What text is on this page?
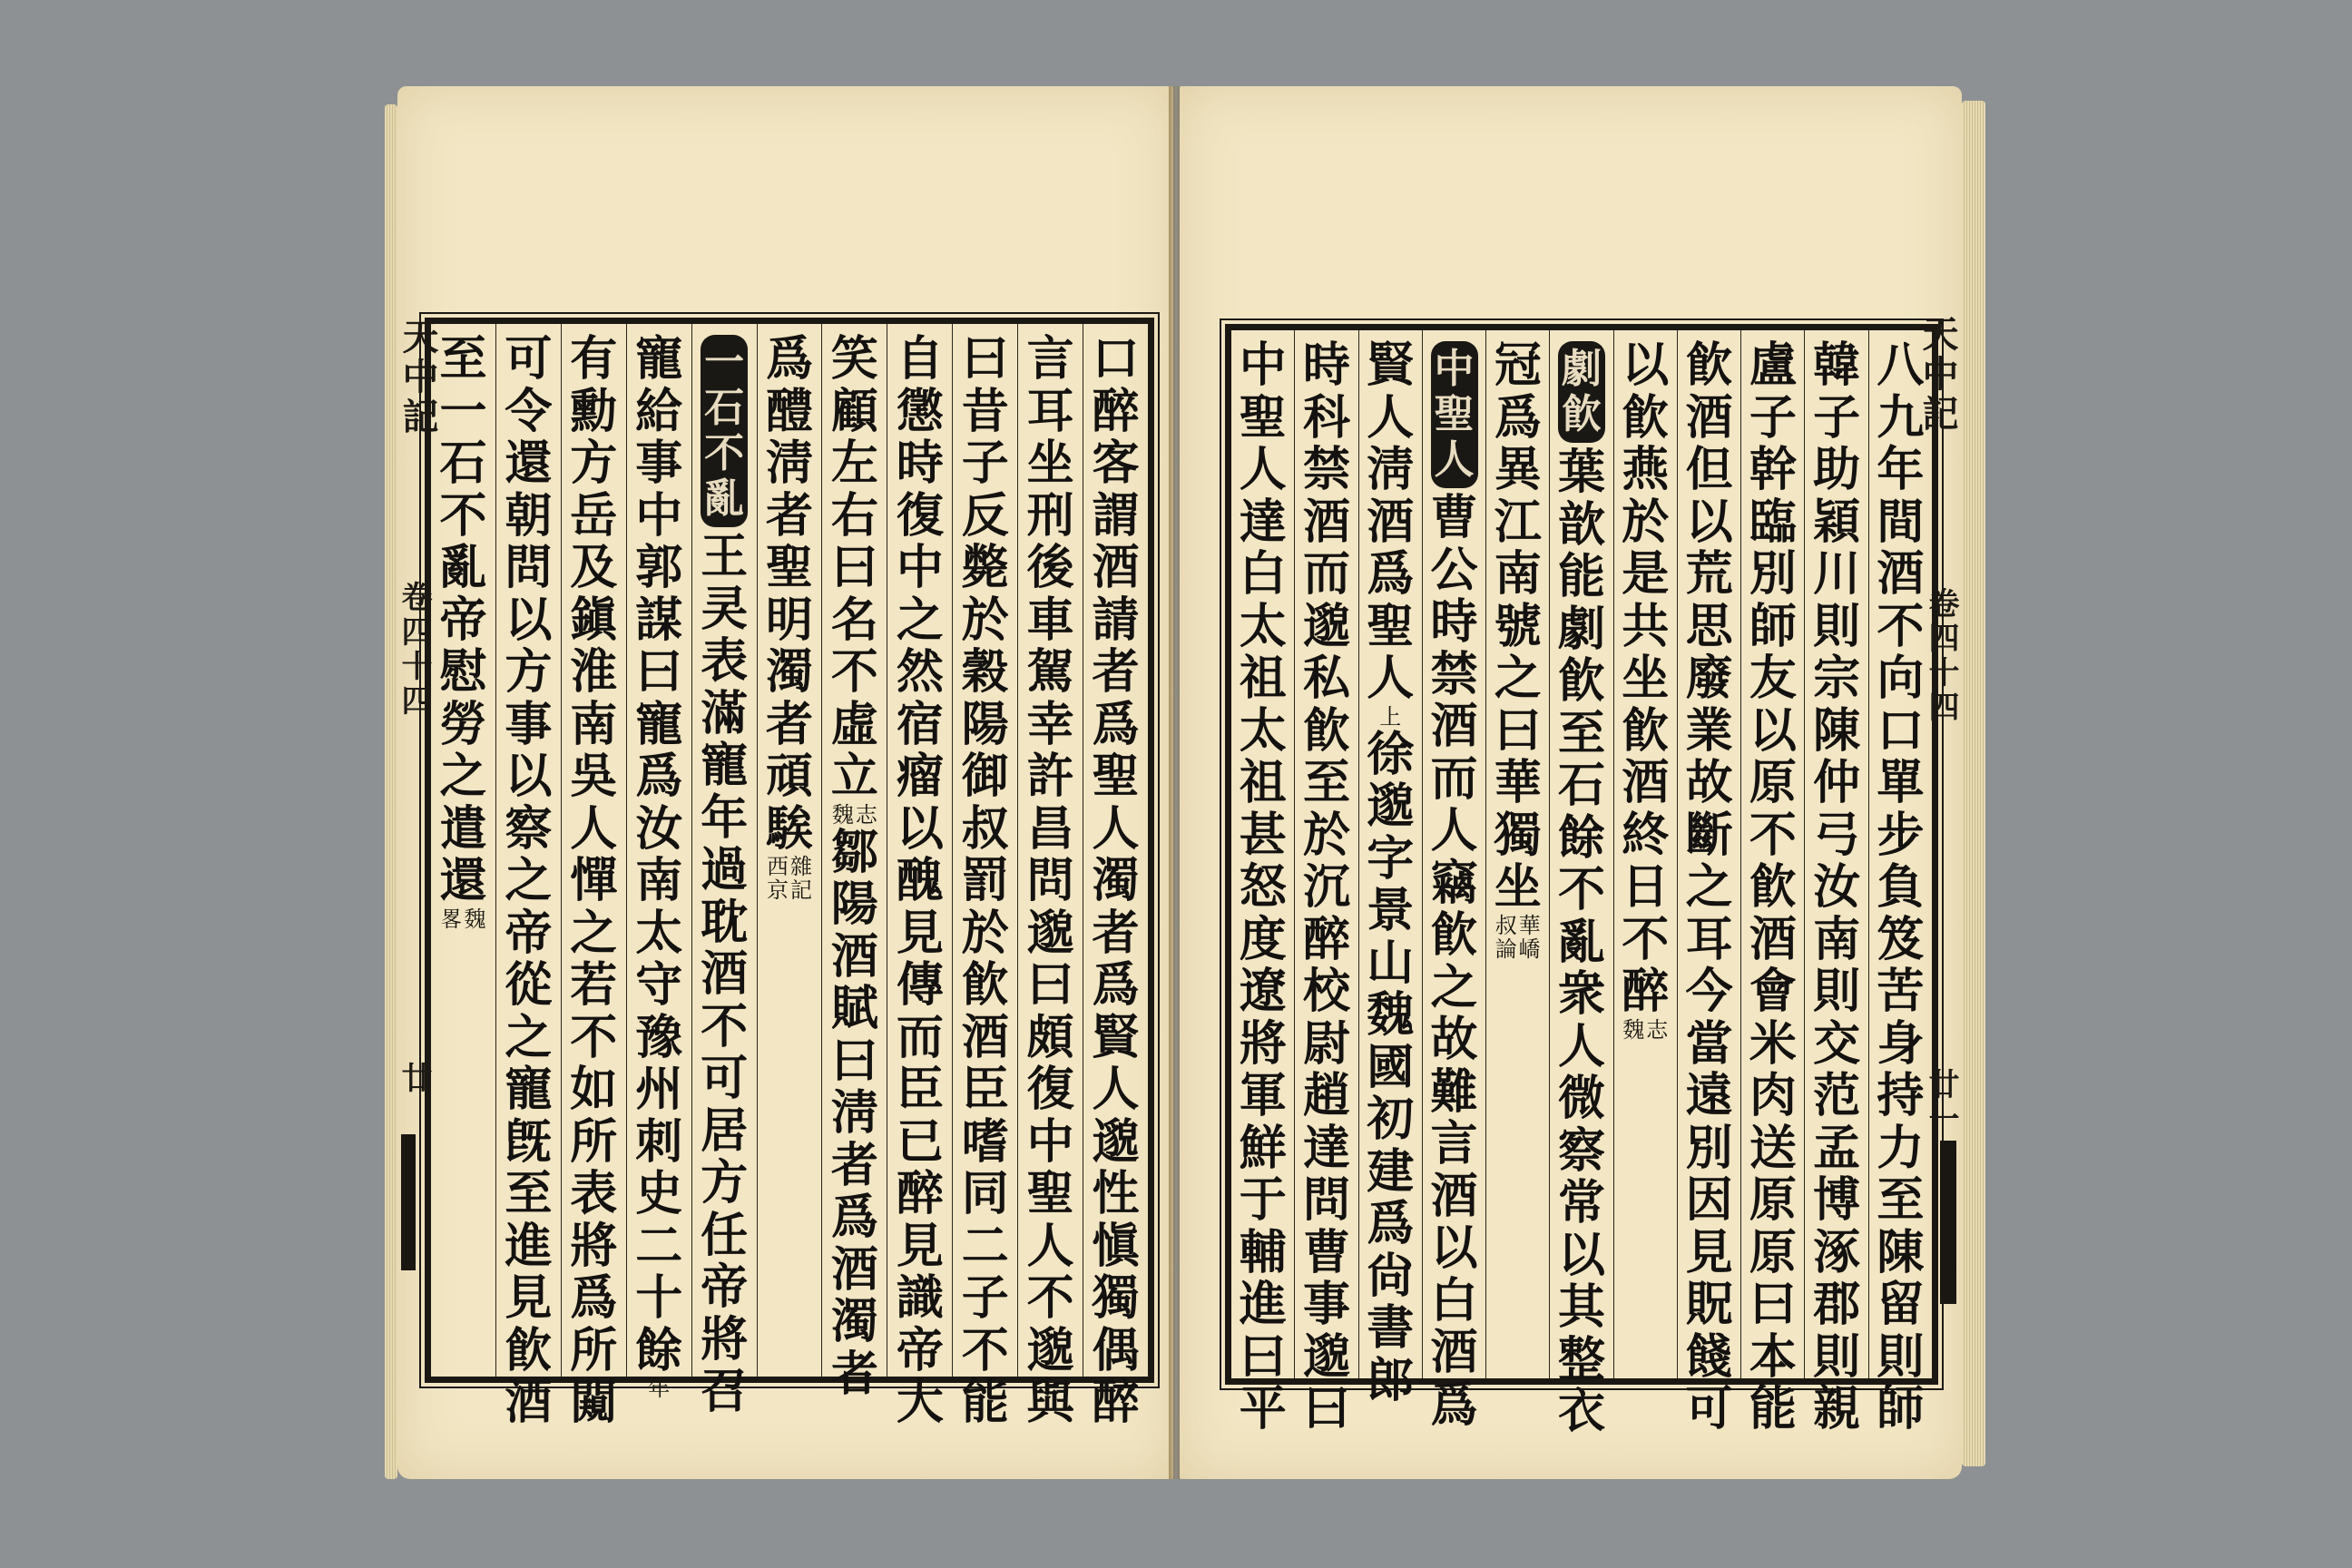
天中記
卷四十四
廿
口
醉
客
謂
酒
請
者
爲
聖
人
濁
者
爲
賢
人
邈
性
愼
獨
偶
醉
言
耳
坐
刑
後
車
駕
幸
許
昌
問
邈
曰
頗
復
中
聖
人
不
邈
與
曰
昔
子
反
斃
於
穀
陽
御
叔
罰
於
飮
酒
臣
嗜
同
二
子
不
能
自
懲
時
復
中
之
然
宿
瘤
以
醜
見
傳
而
臣
已
醉
見
識
帝
大
笑
顧
左
右
曰
名
不
虛
立
志
魏
鄒
陽
酒
賦
曰
淸
者
爲
酒
濁
者
爲
醴
淸
者
聖
明
濁
者
頑
騃
雜
記
西
京
一
石
不
亂
王
㚑
表
滿
寵
年
過
耽
酒
不
可
居
方
任
帝
將
召
寵
給
事
中
郭
謀
曰
寵
爲
汝
南
太
守
豫
州
刺
史
二
十
餘
年
有
勳
方
岳
及
鎭
淮
南
吳
人
憚
之
若
不
如
所
表
將
爲
所
闚
可
令
還
朝
問
以
方
事
以
察
之
帝
從
之
寵
旣
至
進
見
飮
酒
至
一
石
不
亂
帝
慰
勞
之
遣
還
魏
畧
天中記
卷四十四
廿一
八
九
年
間
酒
不
向
口
單
步
負
笈
苦
身
持
力
至
陳
留
則
師
韓
子
助
穎
川
則
宗
陳
仲
弓
汝
南
則
交
范
孟
博
涿
郡
則
親
盧
子
幹
臨
別
師
友
以
原
不
飮
酒
會
米
肉
送
原
原
曰
本
能
飮
酒
但
以
荒
思
廢
業
故
斷
之
耳
今
當
遠
別
因
見
貺
餞
可
以
飮
燕
於
是
共
坐
飮
酒
終
日
不
醉
志
魏
劇
飮
葉
歆
能
劇
飮
至
石
餘
不
亂
衆
人
微
察
常
以
其
整
衣
冠
爲
異
江
南
號
之
曰
華
獨
坐
華
嶠
叔
論
中
聖
人
曹
公
時
禁
酒
而
人
竊
飮
之
故
難
言
酒
以
白
酒
爲
賢
人
淸
酒
爲
聖
人
上
徐
邈
字
景
山
魏
國
初
建
爲
尙
書
郎
時
科
禁
酒
而
邈
私
飮
至
於
沉
醉
校
尉
趙
達
問
曹
事
邈
曰
中
聖
人
達
白
太
祖
太
祖
甚
怒
度
遼
將
軍
鮮
于
輔
進
曰
平
